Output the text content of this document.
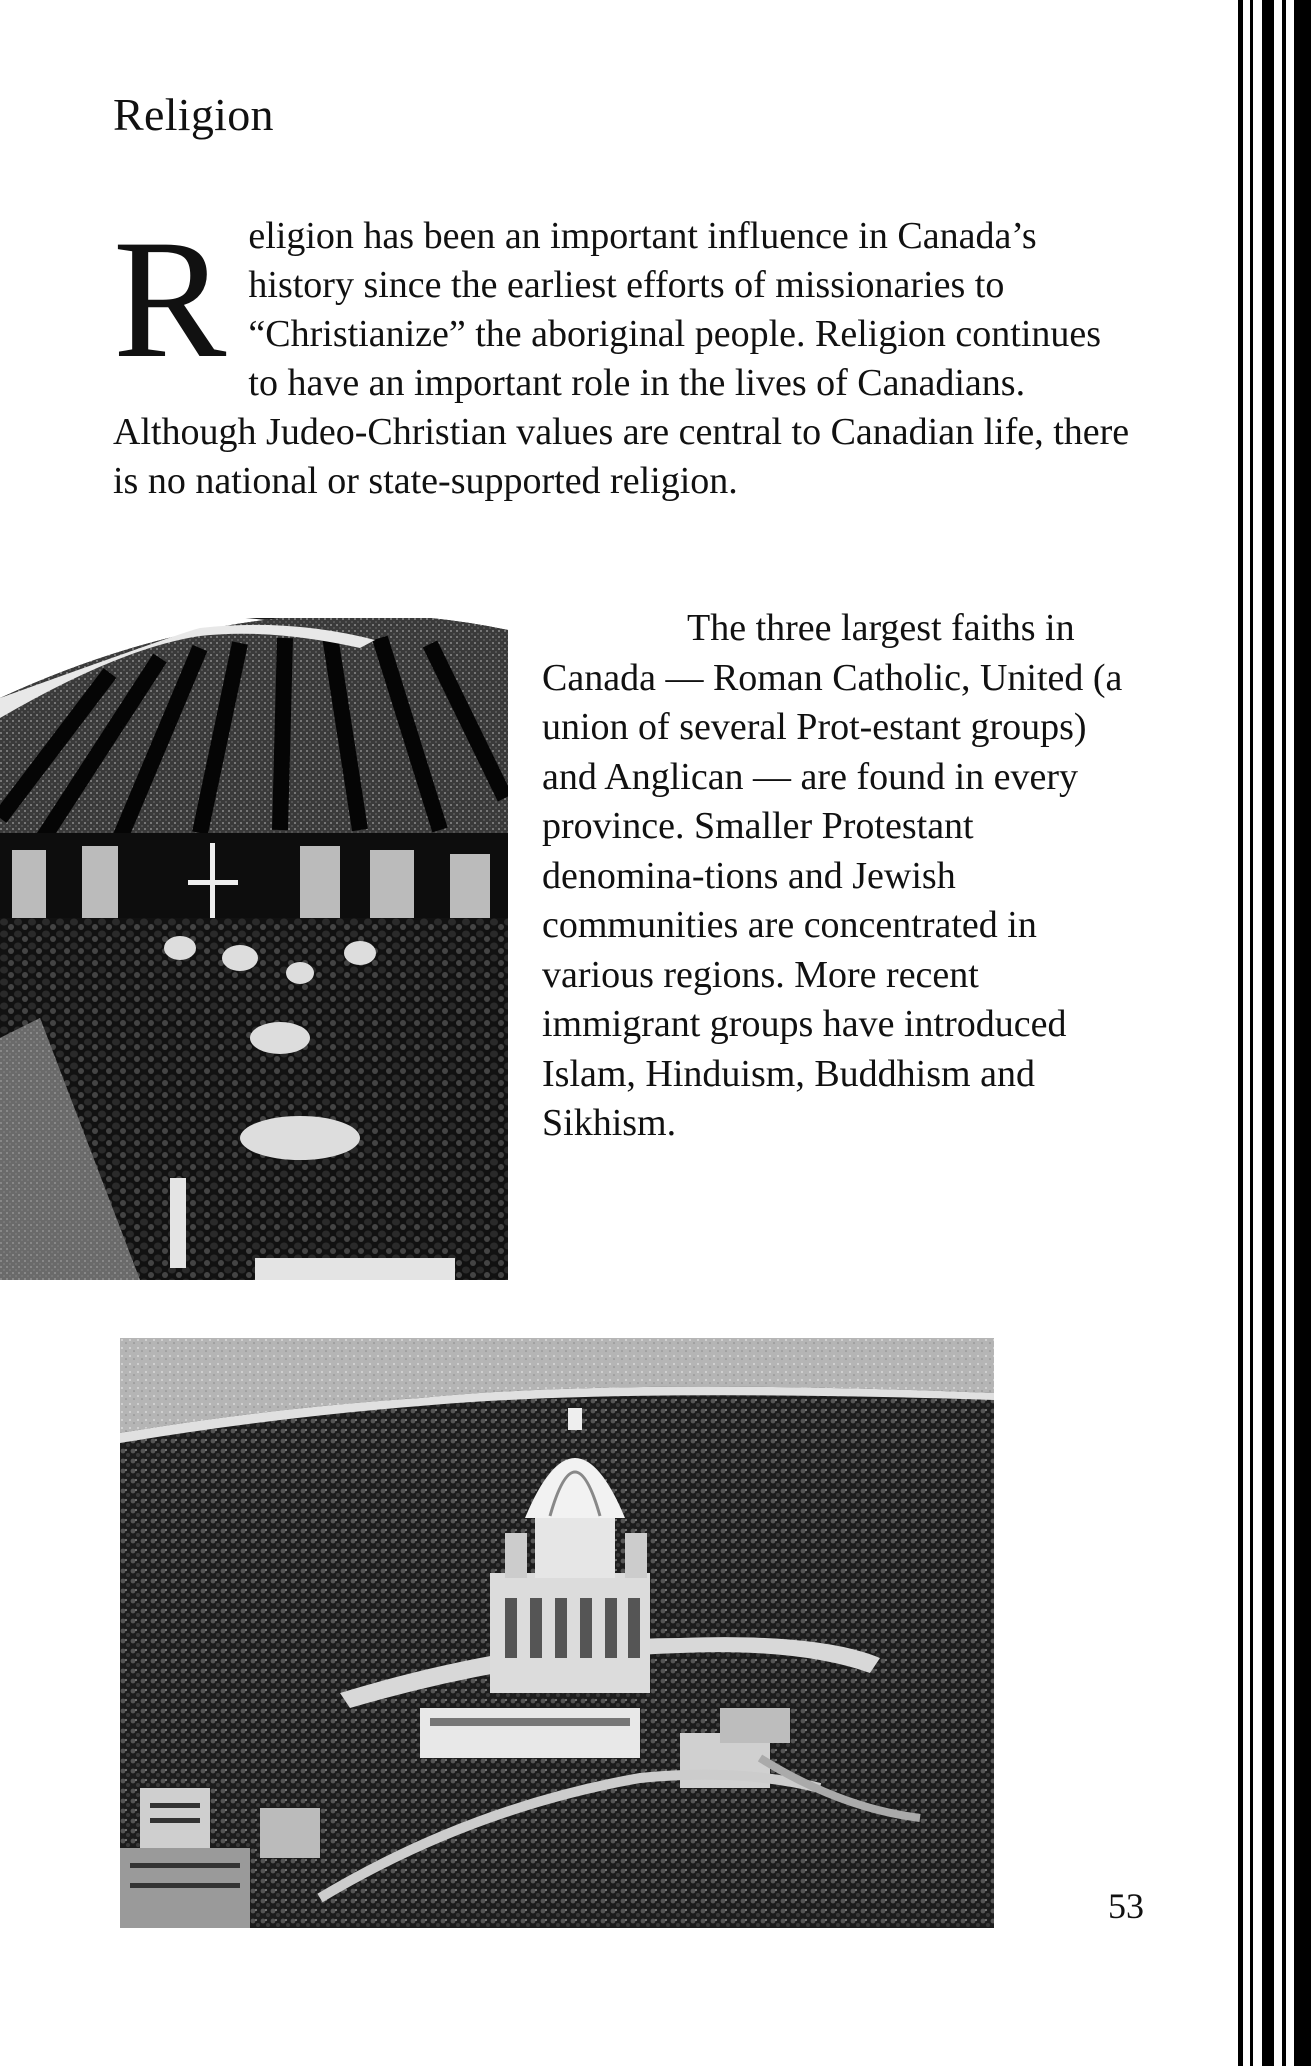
Religion

R eligion has been an important influence in Canada’s history since the earliest efforts of missionaries to “Christianize” the aboriginal people. Religion continues to have an important role in the lives of Canadians. Although Judeo-Christian values are central to Canadian life, there is no national or state-supported religion.

The three largest faiths in Canada — Roman Catholic, United (a union of several Prot-estant groups) and Anglican — are found in every province. Smaller Protestant denomina-tions and Jewish communities are concentrated in various regions. More recent immigrant groups have introduced Islam, Hinduism, Buddhism and Sikhism.

53
